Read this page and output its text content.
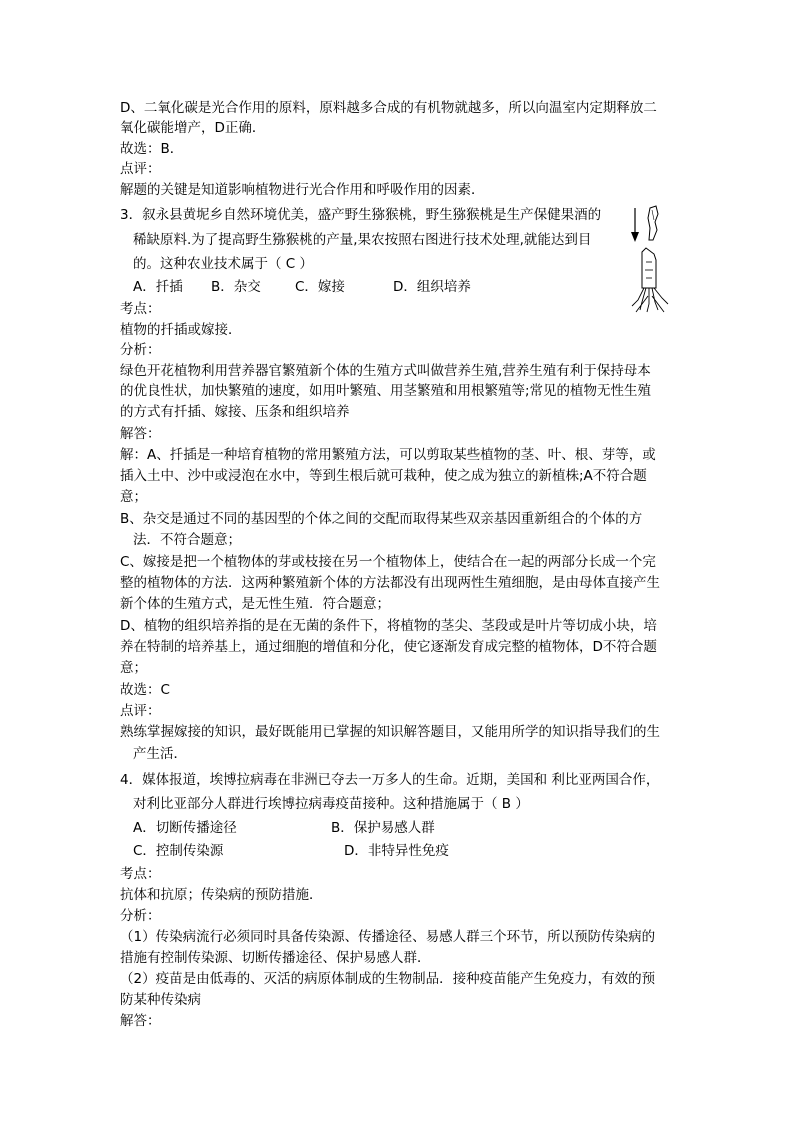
D、二氧化碳是光合作用的原料，原料越多合成的有机物就越多，所以向温室内定期释放二
氧化碳能增产，D正确．
故选：B．
点评：
解题的关键是知道影响植物进行光合作用和呼吸作用的因素．
3．叙永县黄坭乡自然环境优美，盛产野生猕猴桃，野生猕猴桃是生产保健果酒的
稀缺原料.为了提高野生猕猴桃的产量,果农按照右图进行技术处理,就能达到目
的。这种农业技术属于（ C ）
A．扦插 B．杂交	C．嫁接	D．组织培养
考点：
植物的扦插或嫁接．
分析：
绿色开花植物利用营养器官繁殖新个体的生殖方式叫做营养生殖,营养生殖有利于保持母本
的优良性状，加快繁殖的速度，如用叶繁殖、用茎繁殖和用根繁殖等;常见的植物无性生殖
的方式有扦插、嫁接、压条和组织培养
解答：
解：A、扦插是一种培育植物的常用繁殖方法，可以剪取某些植物的茎、叶、根、芽等，或
插入土中、沙中或浸泡在水中，等到生根后就可栽种，使之成为独立的新植株;A不符合题
意；
B、杂交是通过不同的基因型的个体之间的交配而取得某些双亲基因重新组合的个体的方
法．不符合题意；
C、嫁接是把一个植物体的芽或枝接在另一个植物体上，使结合在一起的两部分长成一个完
整的植物体的方法．这两种繁殖新个体的方法都没有出现两性生殖细胞，是由母体直接产生
新个体的生殖方式，是无性生殖．符合题意；
D、植物的组织培养指的是在无菌的条件下，将植物的茎尖、茎段或是叶片等切成小块，培
养在特制的培养基上，通过细胞的增值和分化，使它逐渐发育成完整的植物体，D不符合题
意；
故选：C
点评：
熟练掌握嫁接的知识，最好既能用已掌握的知识解答题目，又能用所学的知识指导我们的生
产生活．
4．媒体报道，埃博拉病毒在非洲已夺去一万多人的生命。近期，美国和 利比亚两国合作，
对利比亚部分人群进行埃博拉病毒疫苗接种。这种措施属于（ B ）
A．切断传播途径	B．保护易感人群
C．控制传染源	D．非特异性免疫
考点：
抗体和抗原；传染病的预防措施．
分析：
（1）传染病流行必须同时具备传染源、传播途径、易感人群三个环节，所以预防传染病的
措施有控制传染源、切断传播途径、保护易感人群．
（2）疫苗是由低毒的、灭活的病原体制成的生物制品．接种疫苗能产生免疫力，有效的预
防某种传染病
解答：
